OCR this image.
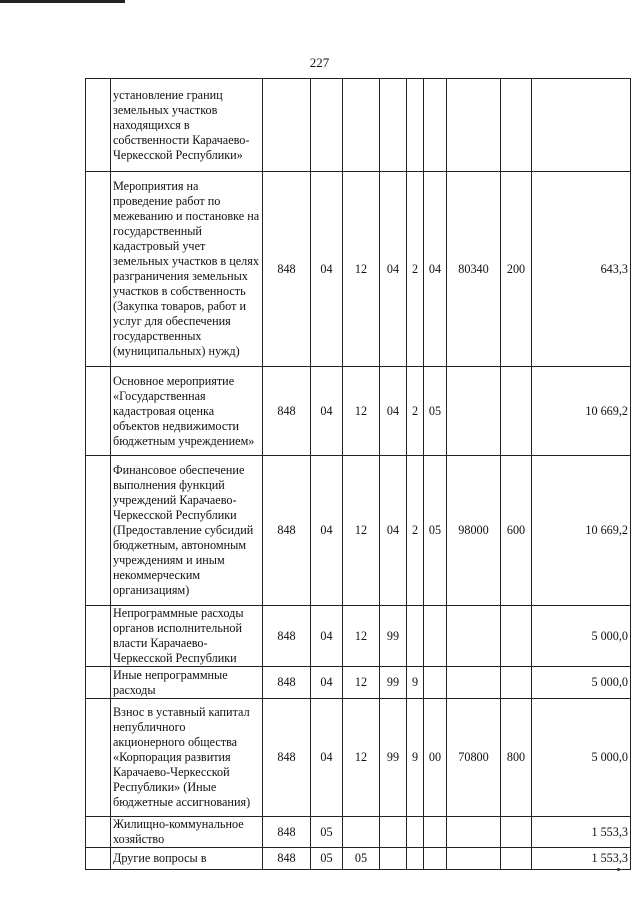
227
	установление границ земельных участков находящихся в собственности Карачаево-Черкесской Республики»									
	Мероприятия на проведение работ по межеванию и постановке на государственный кадастровый учет земельных участков в целях разграничения земельных участков в собственность (Закупка товаров, работ и услуг для обеспечения государственных (муниципальных) нужд)	848	04	12	04	2	04	80340	200	643,3
	Основное мероприятие «Государственная кадастровая оценка объектов недвижимости бюджетным учреждением»	848	04	12	04	2	05			10 669,2
	Финансовое обеспечение выполнения функций учреждений Карачаево-Черкесской Республики (Предоставление субсидий бюджетным, автономным учреждениям и иным некоммерческим организациям)	848	04	12	04	2	05	98000	600	10 669,2
	Непрограммные расходы органов исполнительной власти Карачаево-Черкесской Республики	848	04	12	99					5 000,0
	Иные непрограммные расходы	848	04	12	99	9				5 000,0
	Взнос в уставный капитал непубличного акционерного общества «Корпорация развития Карачаево-Черкесской Республики» (Иные бюджетные ассигнования)	848	04	12	99	9	00	70800	800	5 000,0
	Жилищно-коммунальное хозяйство	848	05							1 553,3
	Другие вопросы в	848	05	05						1 553,3
